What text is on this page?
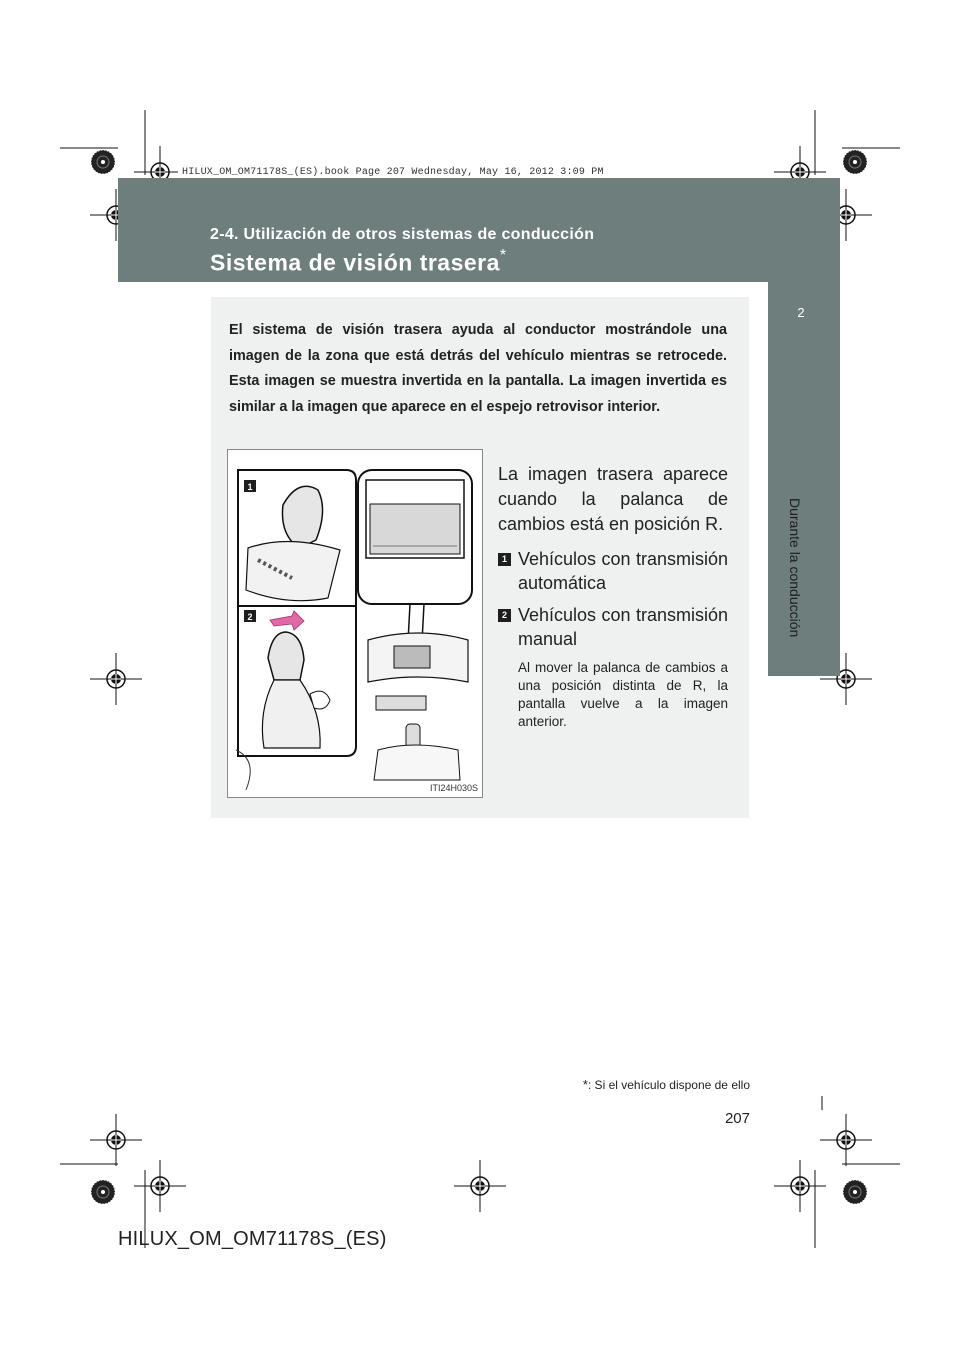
HILUX_OM_OM71178S_(ES).book Page 207 Wednesday, May 16, 2012 3:09 PM
2-4. Utilización de otros sistemas de conducción
Sistema de visión trasera*
2
Durante la conducción

El sistema de visión trasera ayuda al conductor mostrándole una imagen de la zona que está detrás del vehículo mientras se retrocede. Esta imagen se muestra invertida en la pantalla. La imagen invertida es similar a la imagen que aparece en el espejo retrovisor interior.

1
2
ITI24H030S

La imagen trasera aparece cuando la palanca de cambios está en posición R.

1 Vehículos con transmisión automática
2 Vehículos con transmisión manual
Al mover la palanca de cambios a una posición distinta de R, la pantalla vuelve a la imagen anterior.
*: Si el vehículo dispone de ello
207
HILUX_OM_OM71178S_(ES)
